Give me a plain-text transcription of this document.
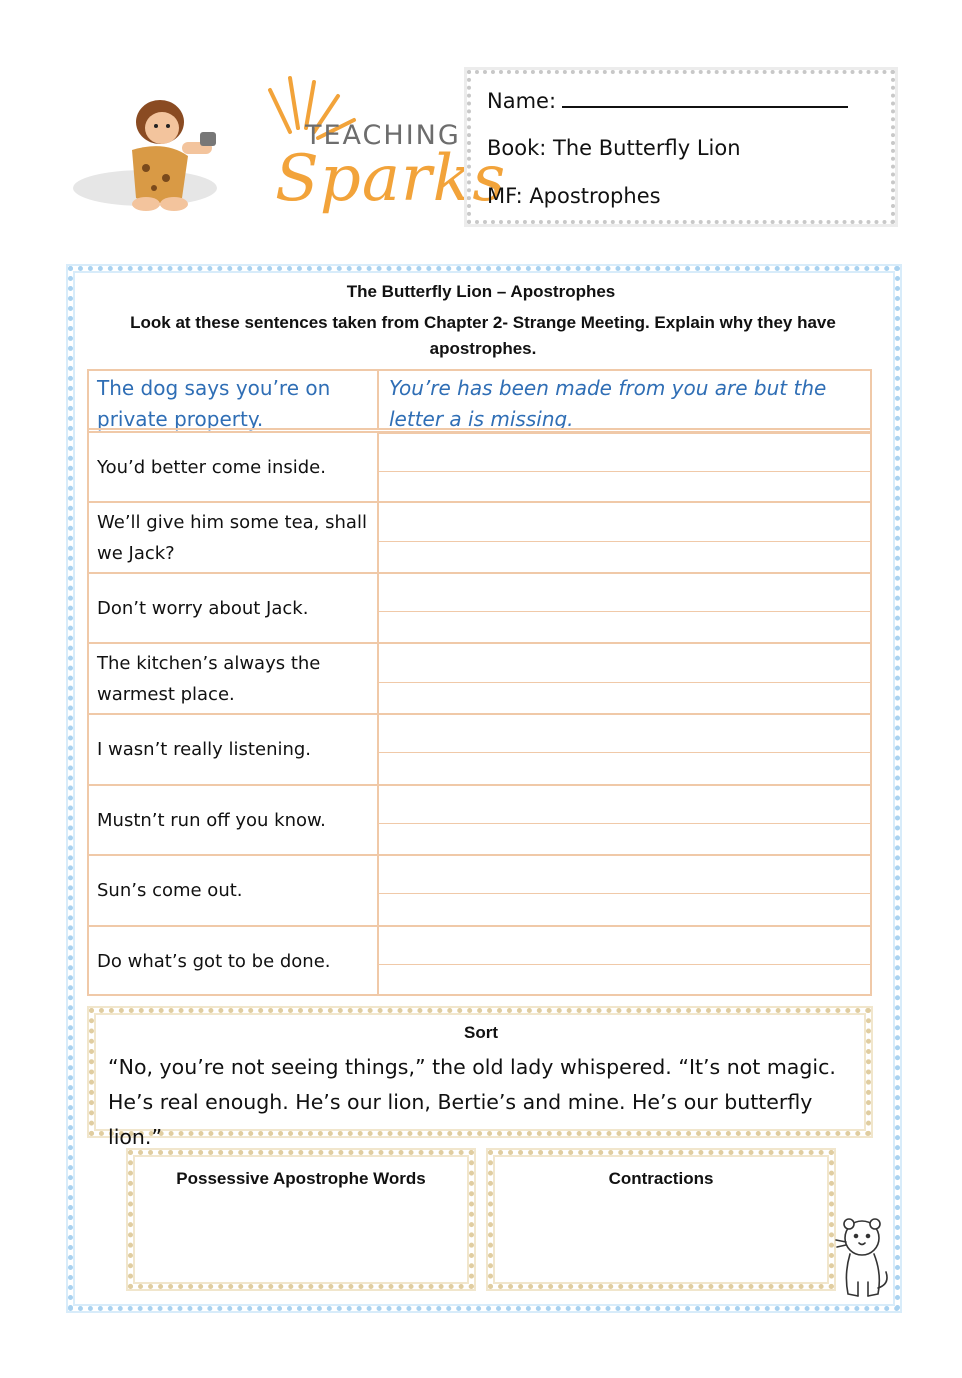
TEACHING
Sparks
Name:
Book: The Butterfly Lion
MF: Apostrophes
The Butterfly Lion – Apostrophes
Look at these sentences taken from Chapter 2- Strange Meeting. Explain why they have apostrophes.
The dog says you’re on private property.
You’re has been made from you are but the letter a is missing.
You’d better come inside.
We’ll give him some tea, shall we Jack?
Don’t worry about Jack.
The kitchen’s always the warmest place.
I wasn’t really listening.
Mustn’t run off you know.
Sun’s come out.
Do what’s got to be done.
Sort
“No, you’re not seeing things,” the old lady whispered. “It’s not magic.
He’s real enough. He’s our lion, Bertie’s and mine. He’s our butterfly lion.”
Possessive Apostrophe Words	Contractions
